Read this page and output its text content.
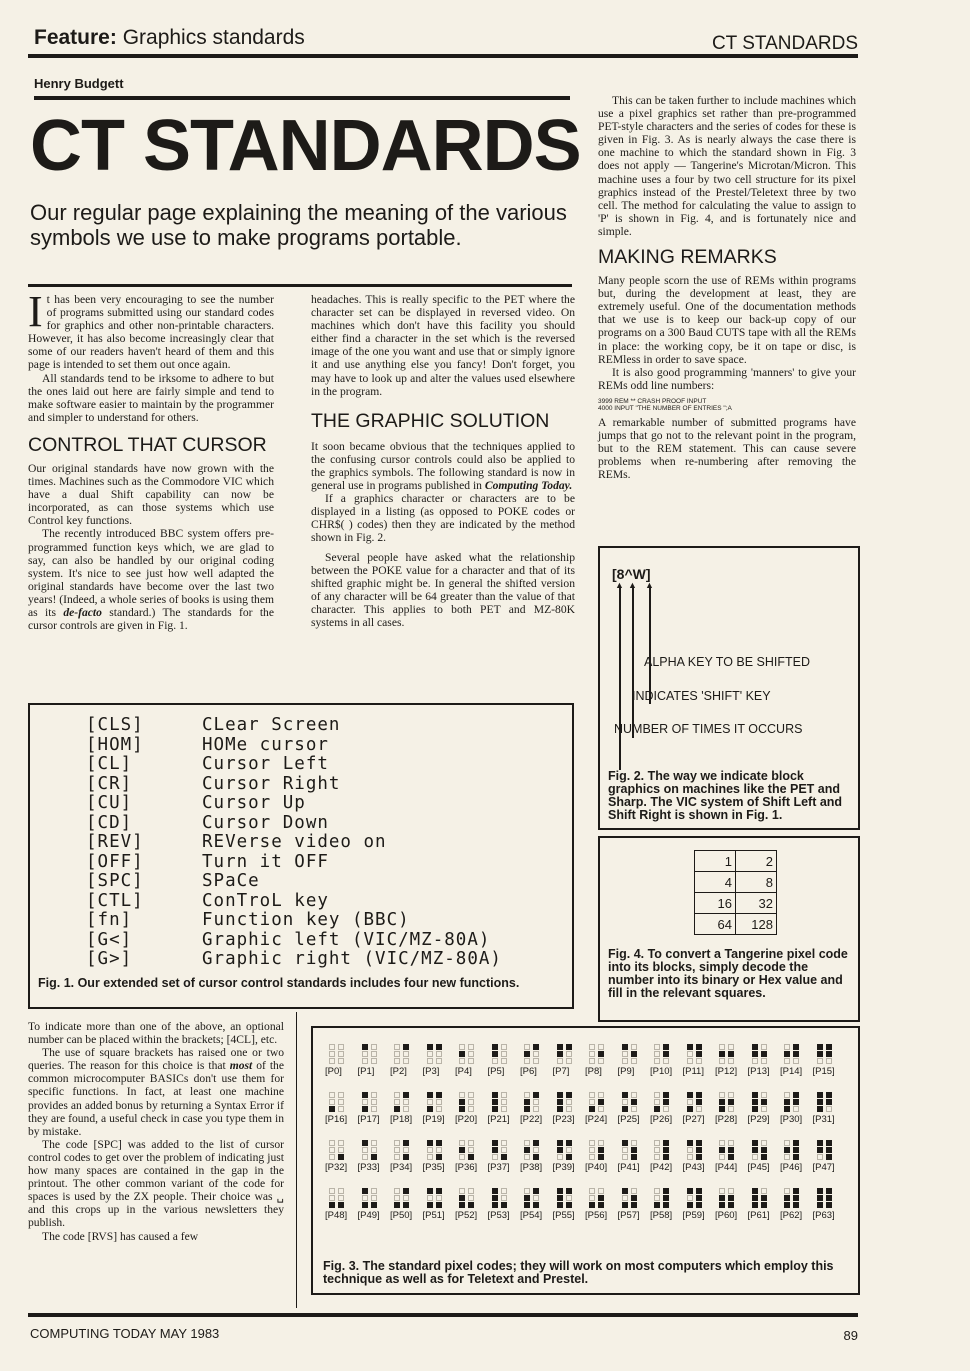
Feature: Graphics standards	CT STANDARDS
Henry Budgett
CT STANDARDS
Our regular page explaining the meaning of the various symbols we use to make programs portable.

It has been very encouraging to see the number of programs submitted using our standard codes for graphics and other non-printable characters. However, it has also become increasingly clear that some of our readers haven't heard of them and this page is intended to set them out once again.

All standards tend to be irksome to adhere to but the ones laid out here are fairly simple and tend to make software easier to maintain by the programmer and simpler to understand for others.

CONTROL THAT CURSOR

Our original standards have now grown with the times. Machines such as the Commodore VIC which have a dual Shift capability can now be incorporated, as can those systems which use Control key functions.

The recently introduced BBC system offers pre-programmed function keys which, we are glad to say, can also be handled by our original coding system. It's nice to see just how well adapted the original standards have become over the last two years! (Indeed, a whole series of books is using them as its de-facto standard.) The standards for the cursor controls are given in Fig. 1.

headaches. This is really specific to the PET where the character set can be displayed in reversed video. On machines which don't have this facility you should either find a character in the set which is the reversed image of the one you want and use that or simply ignore it and use anything else you fancy! Don't forget, you may have to look up and alter the values used elsewhere in the program.

THE GRAPHIC SOLUTION

It soon became obvious that the techniques applied to the confusing cursor controls could also be applied to the graphics symbols. The following standard is now in general use in programs published in Computing Today.

If a graphics character or characters are to be displayed in a listing (as opposed to POKE codes or CHR$( ) codes) then they are indicated by the method shown in Fig. 2.

Several people have asked what the relationship between the POKE value for a character and that of its shifted graphic might be. In general the shifted version of any character will be 64 greater than the value of that character. This applies to both PET and MZ-80K systems in all cases.

This can be taken further to include machines which use a pixel graphics set rather than pre-programmed PET-style characters and the series of codes for these is given in Fig. 3. As is nearly always the case there is one machine to which the standard shown in Fig. 3 does not apply — Tangerine's Microtan/Micron. This machine uses a four by two cell structure for its pixel graphics instead of the Prestel/Teletext three by two cell. The method for calculating the value to assign to 'P' is shown in Fig. 4, and is fortunately nice and simple.

MAKING REMARKS

Many people scorn the use of REMs within programs but, during the development at least, they are extremely useful. One of the documentation methods that we use is to keep our back-up copy of our programs on a 300 Baud CUTS tape with all the REMs in place: the working copy, be it on tape or disc, is REMless in order to save space.

It is also good programming 'manners' to give your REMs odd line numbers:

3999 REM ** CRASH PROOF INPUT
4000 INPUT "THE NUMBER OF ENTRIES ";A

A remarkable number of submitted programs have jumps that go not to the relevant point in the program, but to the REM statement. This can cause severe problems when re-numbering after removing the REMs.

[CLS]	CLear Screen
[HOM]	HOMe cursor
[CL]	Cursor Left
[CR]	Cursor Right
[CU]	Cursor Up
[CD]	Cursor Down
[REV]	REVerse video on
[OFF]	Turn it OFF
[SPC]	SPaCe
[CTL]	ConTroL key
[fn]	Function key (BBC)
[G<]	Graphic left (VIC/MZ-80A)
[G>]	Graphic right (VIC/MZ-80A)
Fig. 1. Our extended set of cursor control standards includes four new functions.
[8^W]
▲ ▲ ▲
ALPHA KEY TO BE SHIFTED
INDICATES 'SHIFT' KEY
NUMBER OF TIMES IT OCCURS
Fig. 2. The way we indicate block graphics on machines like the PET and Sharp. The VIC system of Shift Left and Shift Right is shown in Fig. 1.
1	2
4	8
16	32
64	128
Fig. 4. To convert a Tangerine pixel code into its blocks, simply decode the number into its binary or Hex value and fill in the relevant squares.

To indicate more than one of the above, an optional number can be placed within the brackets; [4CL], etc.

The use of square brackets has raised one or two queries. The reason for this choice is that most of the common microcomputer BASICs don't use them for specific functions. In fact, at least one machine provides an added bonus by returning a Syntax Error if they are found, a useful check in case you type them in by mistake.

The code [SPC] was added to the list of cursor control codes to get over the problem of indicating just how many spaces are contained in the gap in the printout. The other common variant of the code for spaces is used by the ZX people. Their choice was ␣ and this crops up in the various newsletters they publish.

The code [RVS] has caused a few

[P0] [P1] [P2] [P3] [P4] [P5] [P6] [P7] [P8] [P9] [P10] [P11] [P12] [P13] [P14] [P15]
[P16] [P17] [P18] [P19] [P20] [P21] [P22] [P23] [P24] [P25] [P26] [P27] [P28] [P29] [P30] [P31]
[P32] [P33] [P34] [P35] [P36] [P37] [P38] [P39] [P40] [P41] [P42] [P43] [P44] [P45] [P46] [P47]
[P48] [P49] [P50] [P51] [P52] [P53] [P54] [P55] [P56] [P57] [P58] [P59] [P60] [P61] [P62] [P63]
Fig. 3. The standard pixel codes; they will work on most computers which employ this technique as well as for Teletext and Prestel.
COMPUTING TODAY MAY 1983	89
